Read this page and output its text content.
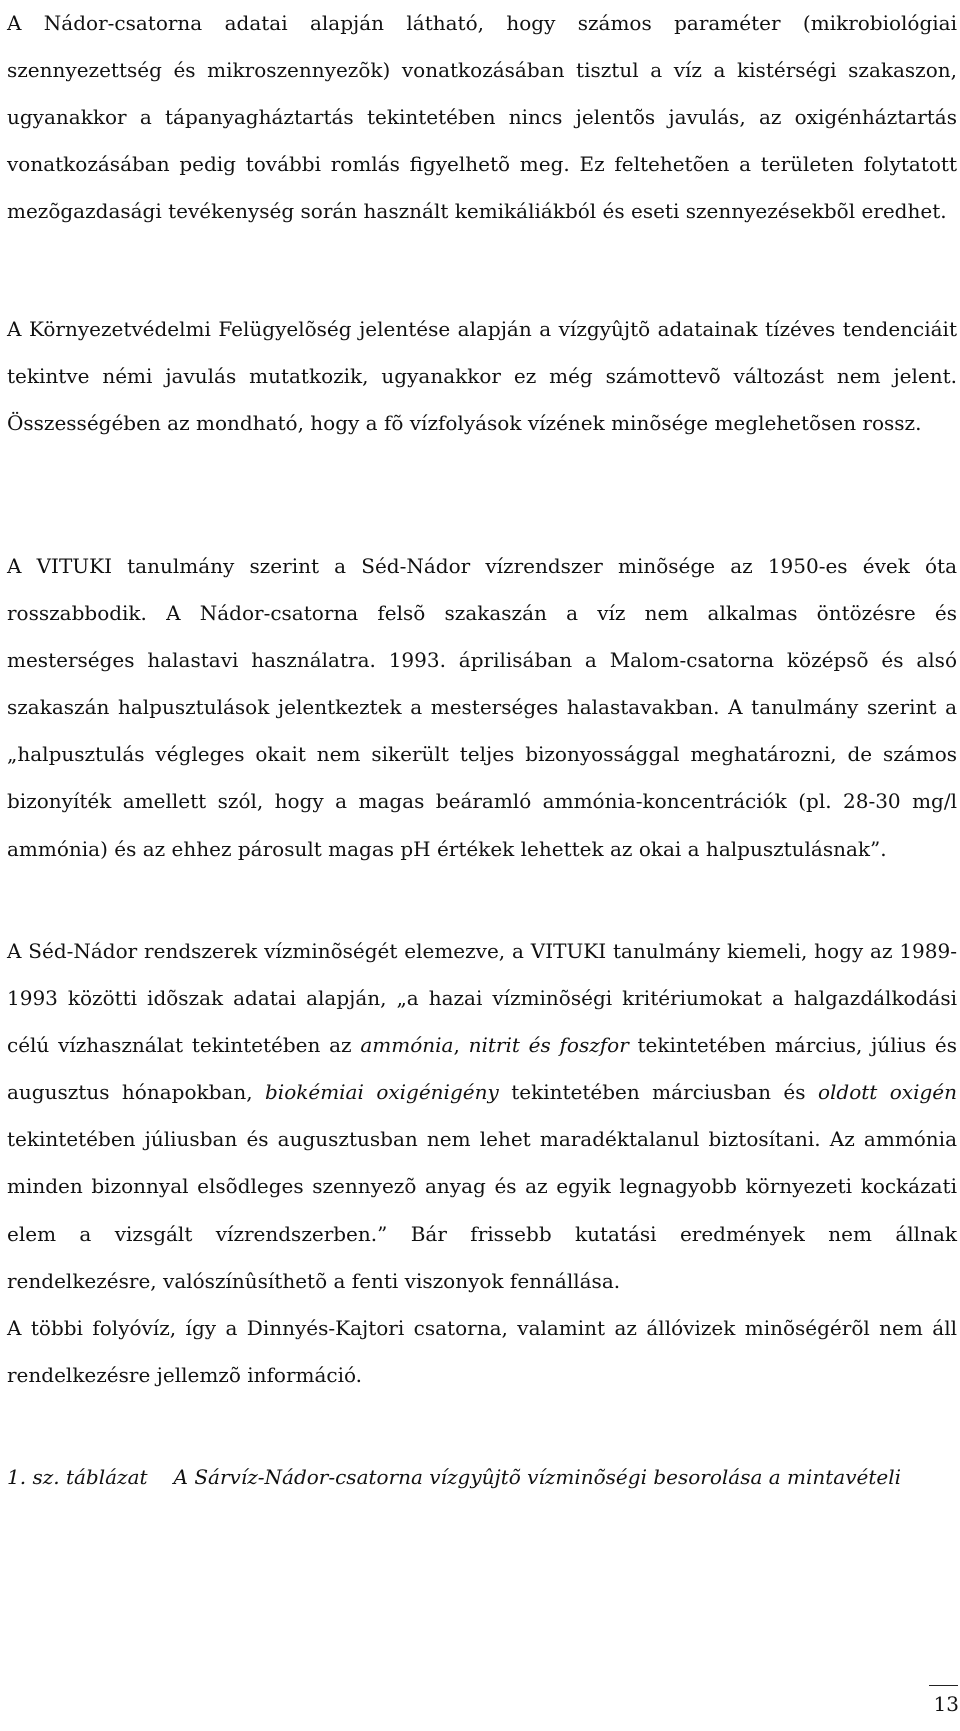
A Nádor-csatorna adatai alapján látható, hogy számos paraméter (mikrobiológiai szennyezettség és mikroszennyezõk) vonatkozásában tisztul a víz a kistérségi szakaszon, ugyanakkor a tápanyagháztartás tekintetében nincs jelentõs javulás, az oxigénháztartás vonatkozásában pedig további romlás figyelhetõ meg. Ez feltehetõen a területen folytatott mezõgazdasági tevékenység során használt kemikáliákból és eseti szennyezésekbõl eredhet.

A Környezetvédelmi Felügyelõség jelentése alapján a vízgyûjtõ adatainak tízéves tendenciáit tekintve némi javulás mutatkozik, ugyanakkor ez még számottevõ változást nem jelent. Összességében az mondható, hogy a fõ vízfolyások vízének minõsége meglehetõsen rossz.

A VITUKI tanulmány szerint a Séd-Nádor vízrendszer minõsége az 1950-es évek óta rosszabbodik. A Nádor-csatorna felsõ szakaszán a víz nem alkalmas öntözésre és mesterséges halastavi használatra. 1993. áprilisában a Malom-csatorna középsõ és alsó szakaszán halpusztulások jelentkeztek a mesterséges halastavakban. A tanulmány szerint a „halpusztulás végleges okait nem sikerült teljes bizonyossággal meghatározni, de számos bizonyíték amellett szól, hogy a magas beáramló ammónia-koncentrációk (pl. 28-30 mg/l ammónia) és az ehhez párosult magas pH értékek lehettek az okai a halpusztulásnak”.

A Séd-Nádor rendszerek vízminõségét elemezve, a VITUKI tanulmány kiemeli, hogy az 1989-1993 közötti idõszak adatai alapján, „a hazai vízminõségi kritériumokat a halgazdálkodási célú vízhasználat tekintetében az ammónia, nitrit és foszfor tekintetében március, július és augusztus hónapokban, biokémiai oxigénigény tekintetében márciusban és oldott oxigén tekintetében júliusban és augusztusban nem lehet maradéktalanul biztosítani. Az ammónia minden bizonnyal elsõdleges szennyezõ anyag és az egyik legnagyobb környezeti kockázati elem a vizsgált vízrendszerben.” Bár frissebb kutatási eredmények nem állnak rendelkezésre, valószínûsíthetõ a fenti viszonyok fennállása.

A többi folyóvíz, így a Dinnyés-Kajtori csatorna, valamint az állóvizek minõségérõl nem áll rendelkezésre jellemzõ információ.

1. sz. táblázat A Sárvíz-Nádor-csatorna vízgyûjtõ vízminõségi besorolása a mintavételi

13
